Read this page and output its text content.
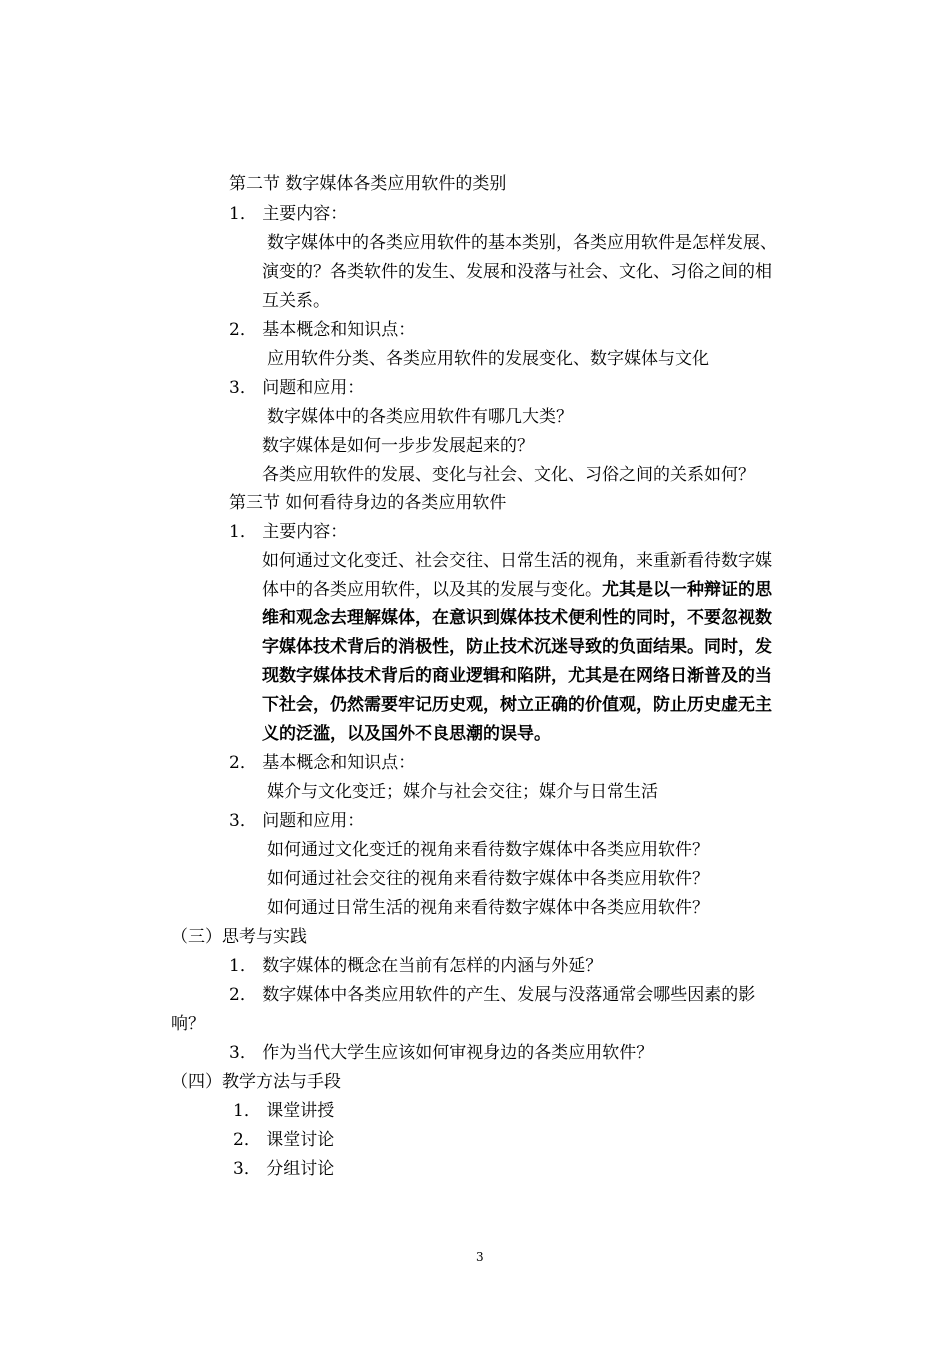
第二节 数字媒体各类应用软件的类别
1． 主要内容：
数字媒体中的各类应用软件的基本类别，各类应用软件是怎样发展、
演变的？各类软件的发生、发展和没落与社会、文化、习俗之间的相
互关系。
2． 基本概念和知识点：
应用软件分类、各类应用软件的发展变化、数字媒体与文化
3． 问题和应用：
数字媒体中的各类应用软件有哪几大类？
数字媒体是如何一步步发展起来的？
各类应用软件的发展、变化与社会、文化、习俗之间的关系如何？
第三节 如何看待身边的各类应用软件
1． 主要内容：
如何通过文化变迁、社会交往、日常生活的视角，来重新看待数字媒
体中的各类应用软件，以及其的发展与变化。尤其是以一种辩证的思
维和观念去理解媒体，在意识到媒体技术便利性的同时，不要忽视数
字媒体技术背后的消极性，防止技术沉迷导致的负面结果。同时，发
现数字媒体技术背后的商业逻辑和陷阱，尤其是在网络日渐普及的当
下社会，仍然需要牢记历史观，树立正确的价值观，防止历史虚无主
义的泛滥，以及国外不良思潮的误导。
2． 基本概念和知识点：
媒介与文化变迁；媒介与社会交往；媒介与日常生活
3． 问题和应用：
如何通过文化变迁的视角来看待数字媒体中各类应用软件？
如何通过社会交往的视角来看待数字媒体中各类应用软件？
如何通过日常生活的视角来看待数字媒体中各类应用软件？
（三）思考与实践
1． 数字媒体的概念在当前有怎样的内涵与外延？
2． 数字媒体中各类应用软件的产生、发展与没落通常会哪些因素的影
响？
3． 作为当代大学生应该如何审视身边的各类应用软件？
（四）教学方法与手段
1． 课堂讲授
2． 课堂讨论
3． 分组讨论
3
